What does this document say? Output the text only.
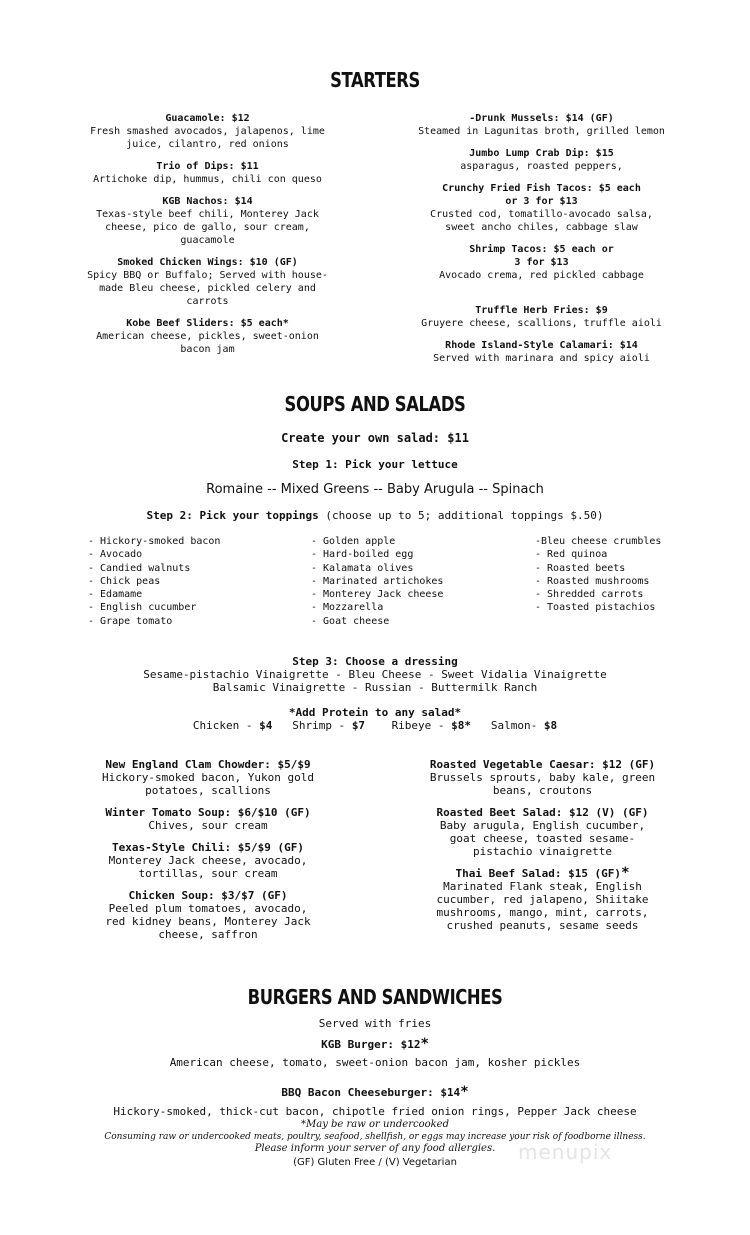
STARTERS
Guacamole: $12
Fresh smashed avocados, jalapenos, lime juice, cilantro, red onions
Trio of Dips: $11
Artichoke dip, hummus, chili con queso
KGB Nachos: $14
Texas-style beef chili, Monterey Jack cheese, pico de gallo, sour cream, guacamole
Smoked Chicken Wings: $10 (GF)
Spicy BBQ or Buffalo; Served with house-made Bleu cheese, pickled celery and carrots
Kobe Beef Sliders: $5 each*
American cheese, pickles, sweet-onion bacon jam
-Drunk Mussels: $14 (GF)
Steamed in Lagunitas broth, grilled lemon
Jumbo Lump Crab Dip: $15
asparagus, roasted peppers,
Crunchy Fried Fish Tacos: $5 each or 3 for $13
Crusted cod, tomatillo-avocado salsa, sweet ancho chiles, cabbage slaw
Shrimp Tacos: $5 each or 3 for $13
Avocado crema, red pickled cabbage
Truffle Herb Fries: $9
Gruyere cheese, scallions, truffle aioli
Rhode Island-Style Calamari: $14
Served with marinara and spicy aioli
SOUPS AND SALADS
Create your own salad: $11
Step 1: Pick your lettuce
Romaine -- Mixed Greens -- Baby Arugula -- Spinach
Step 2: Pick your toppings (choose up to 5; additional toppings $.50)
- Hickory-smoked bacon
- Avocado
- Candied walnuts
- Chick peas
- Edamame
- English cucumber
- Grape tomato
- Golden apple
- Hard-boiled egg
- Kalamata olives
- Marinated artichokes
- Monterey Jack cheese
- Mozzarella
- Goat cheese
-Bleu cheese crumbles
- Red quinoa
- Roasted beets
- Roasted mushrooms
- Shredded carrots
- Toasted pistachios
Step 3: Choose a dressing
Sesame-pistachio Vinaigrette - Bleu Cheese - Sweet Vidalia Vinaigrette
Balsamic Vinaigrette - Russian - Buttermilk Ranch
*Add Protein to any salad*
Chicken - $4 Shrimp - $7 Ribeye - $8* Salmon- $8
New England Clam Chowder: $5/$9
Hickory-smoked bacon, Yukon gold potatoes, scallions
Winter Tomato Soup: $6/$10 (GF)
Chives, sour cream
Texas-Style Chili: $5/$9 (GF)
Monterey Jack cheese, avocado, tortillas, sour cream
Chicken Soup: $3/$7 (GF)
Peeled plum tomatoes, avocado, red kidney beans, Monterey Jack cheese, saffron
Roasted Vegetable Caesar: $12 (GF)
Brussels sprouts, baby kale, green beans, croutons
Roasted Beet Salad: $12 (V) (GF)
Baby arugula, English cucumber, goat cheese, toasted sesame-pistachio vinaigrette
Thai Beef Salad: $15 (GF)*
Marinated Flank steak, English cucumber, red jalapeno, Shiitake mushrooms, mango, mint, carrots, crushed peanuts, sesame seeds
BURGERS AND SANDWICHES
Served with fries
KGB Burger: $12*
American cheese, tomato, sweet-onion bacon jam, kosher pickles
BBQ Bacon Cheeseburger: $14*
Hickory-smoked, thick-cut bacon, chipotle fried onion rings, Pepper Jack cheese
*May be raw or undercooked
Consuming raw or undercooked meats, poultry, seafood, shellfish, or eggs may increase your risk of foodborne illness.
Please inform your server of any food allergies.
(GF) Gluten Free / (V) Vegetarian	menupix
